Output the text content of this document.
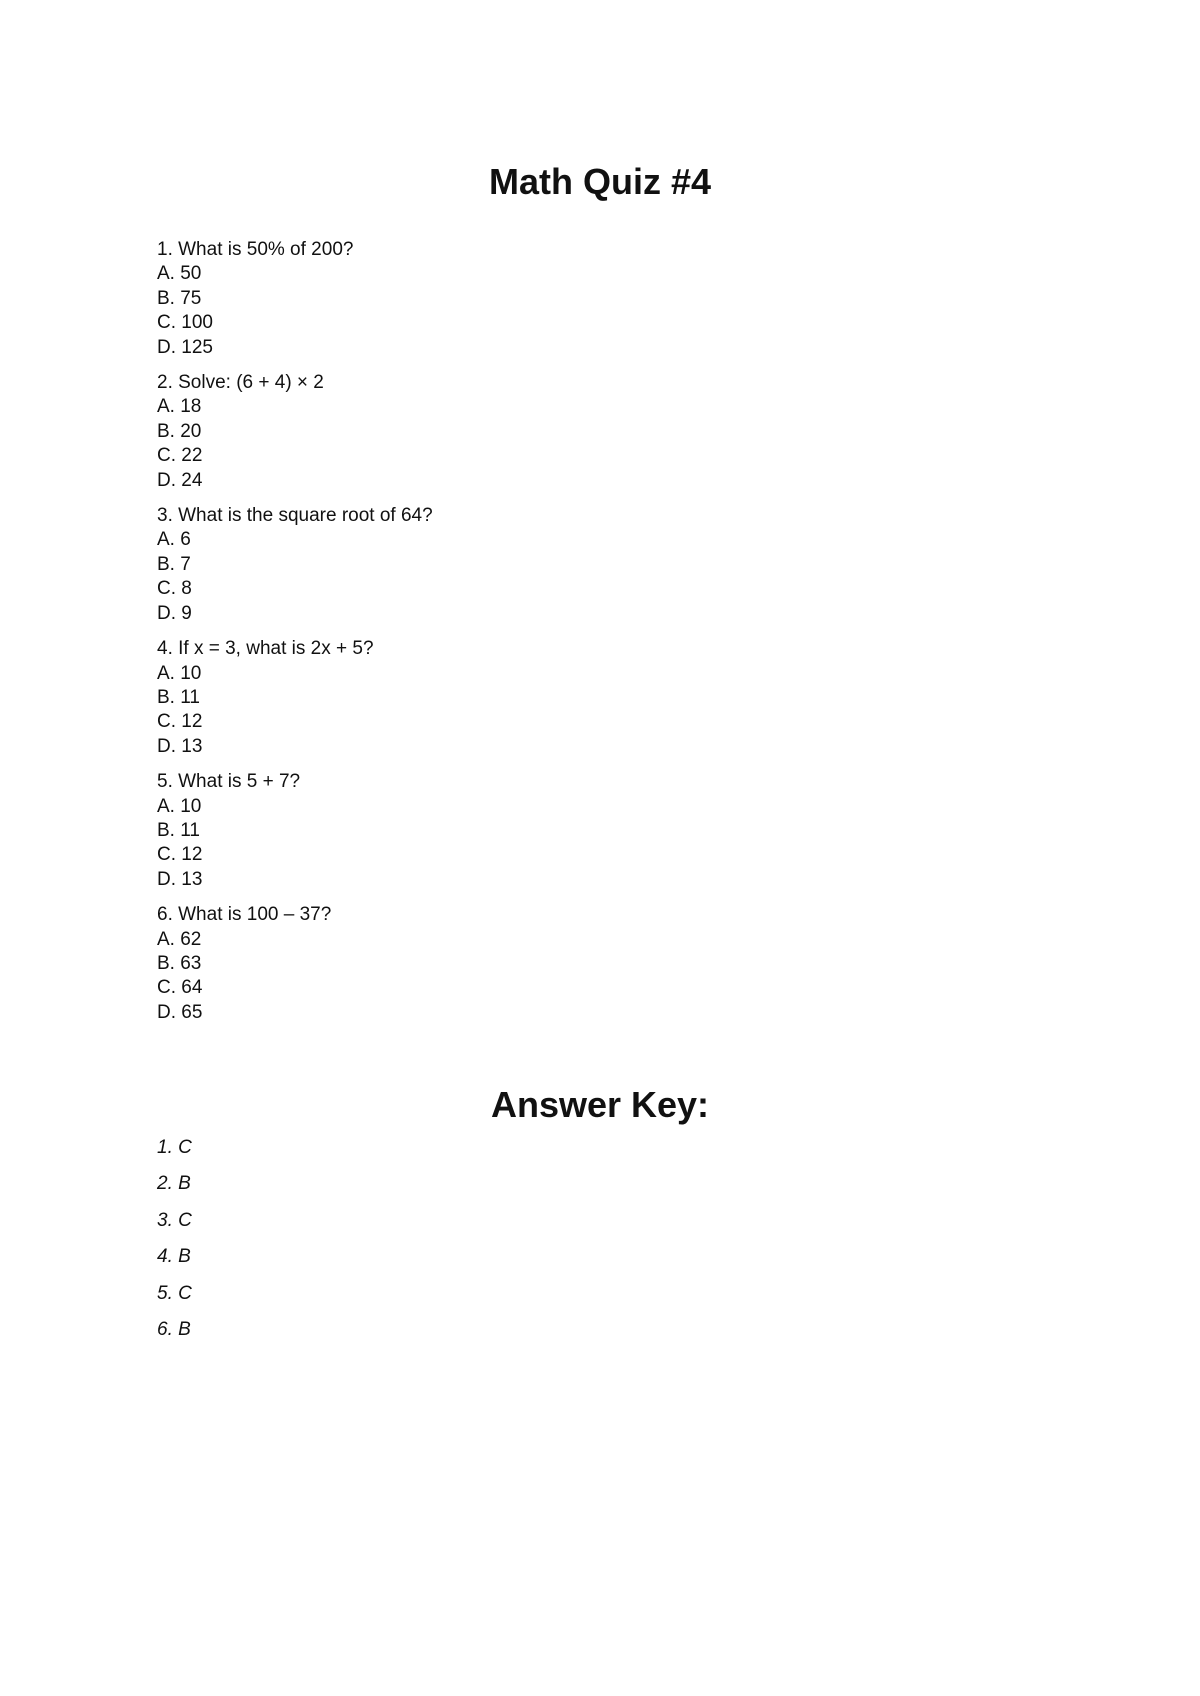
Math Quiz #4
1. What is 50% of 200?
A. 50
B. 75
C. 100
D. 125
2. Solve: (6 + 4) × 2
A. 18
B. 20
C. 22
D. 24
3. What is the square root of 64?
A. 6
B. 7
C. 8
D. 9
4. If x = 3, what is 2x + 5?
A. 10
B. 11
C. 12
D. 13
5. What is 5 + 7?
A. 10
B. 11
C. 12
D. 13
6. What is 100 – 37?
A. 62
B. 63
C. 64
D. 65
Answer Key:
1. C
2. B
3. C
4. B
5. C
6. B
